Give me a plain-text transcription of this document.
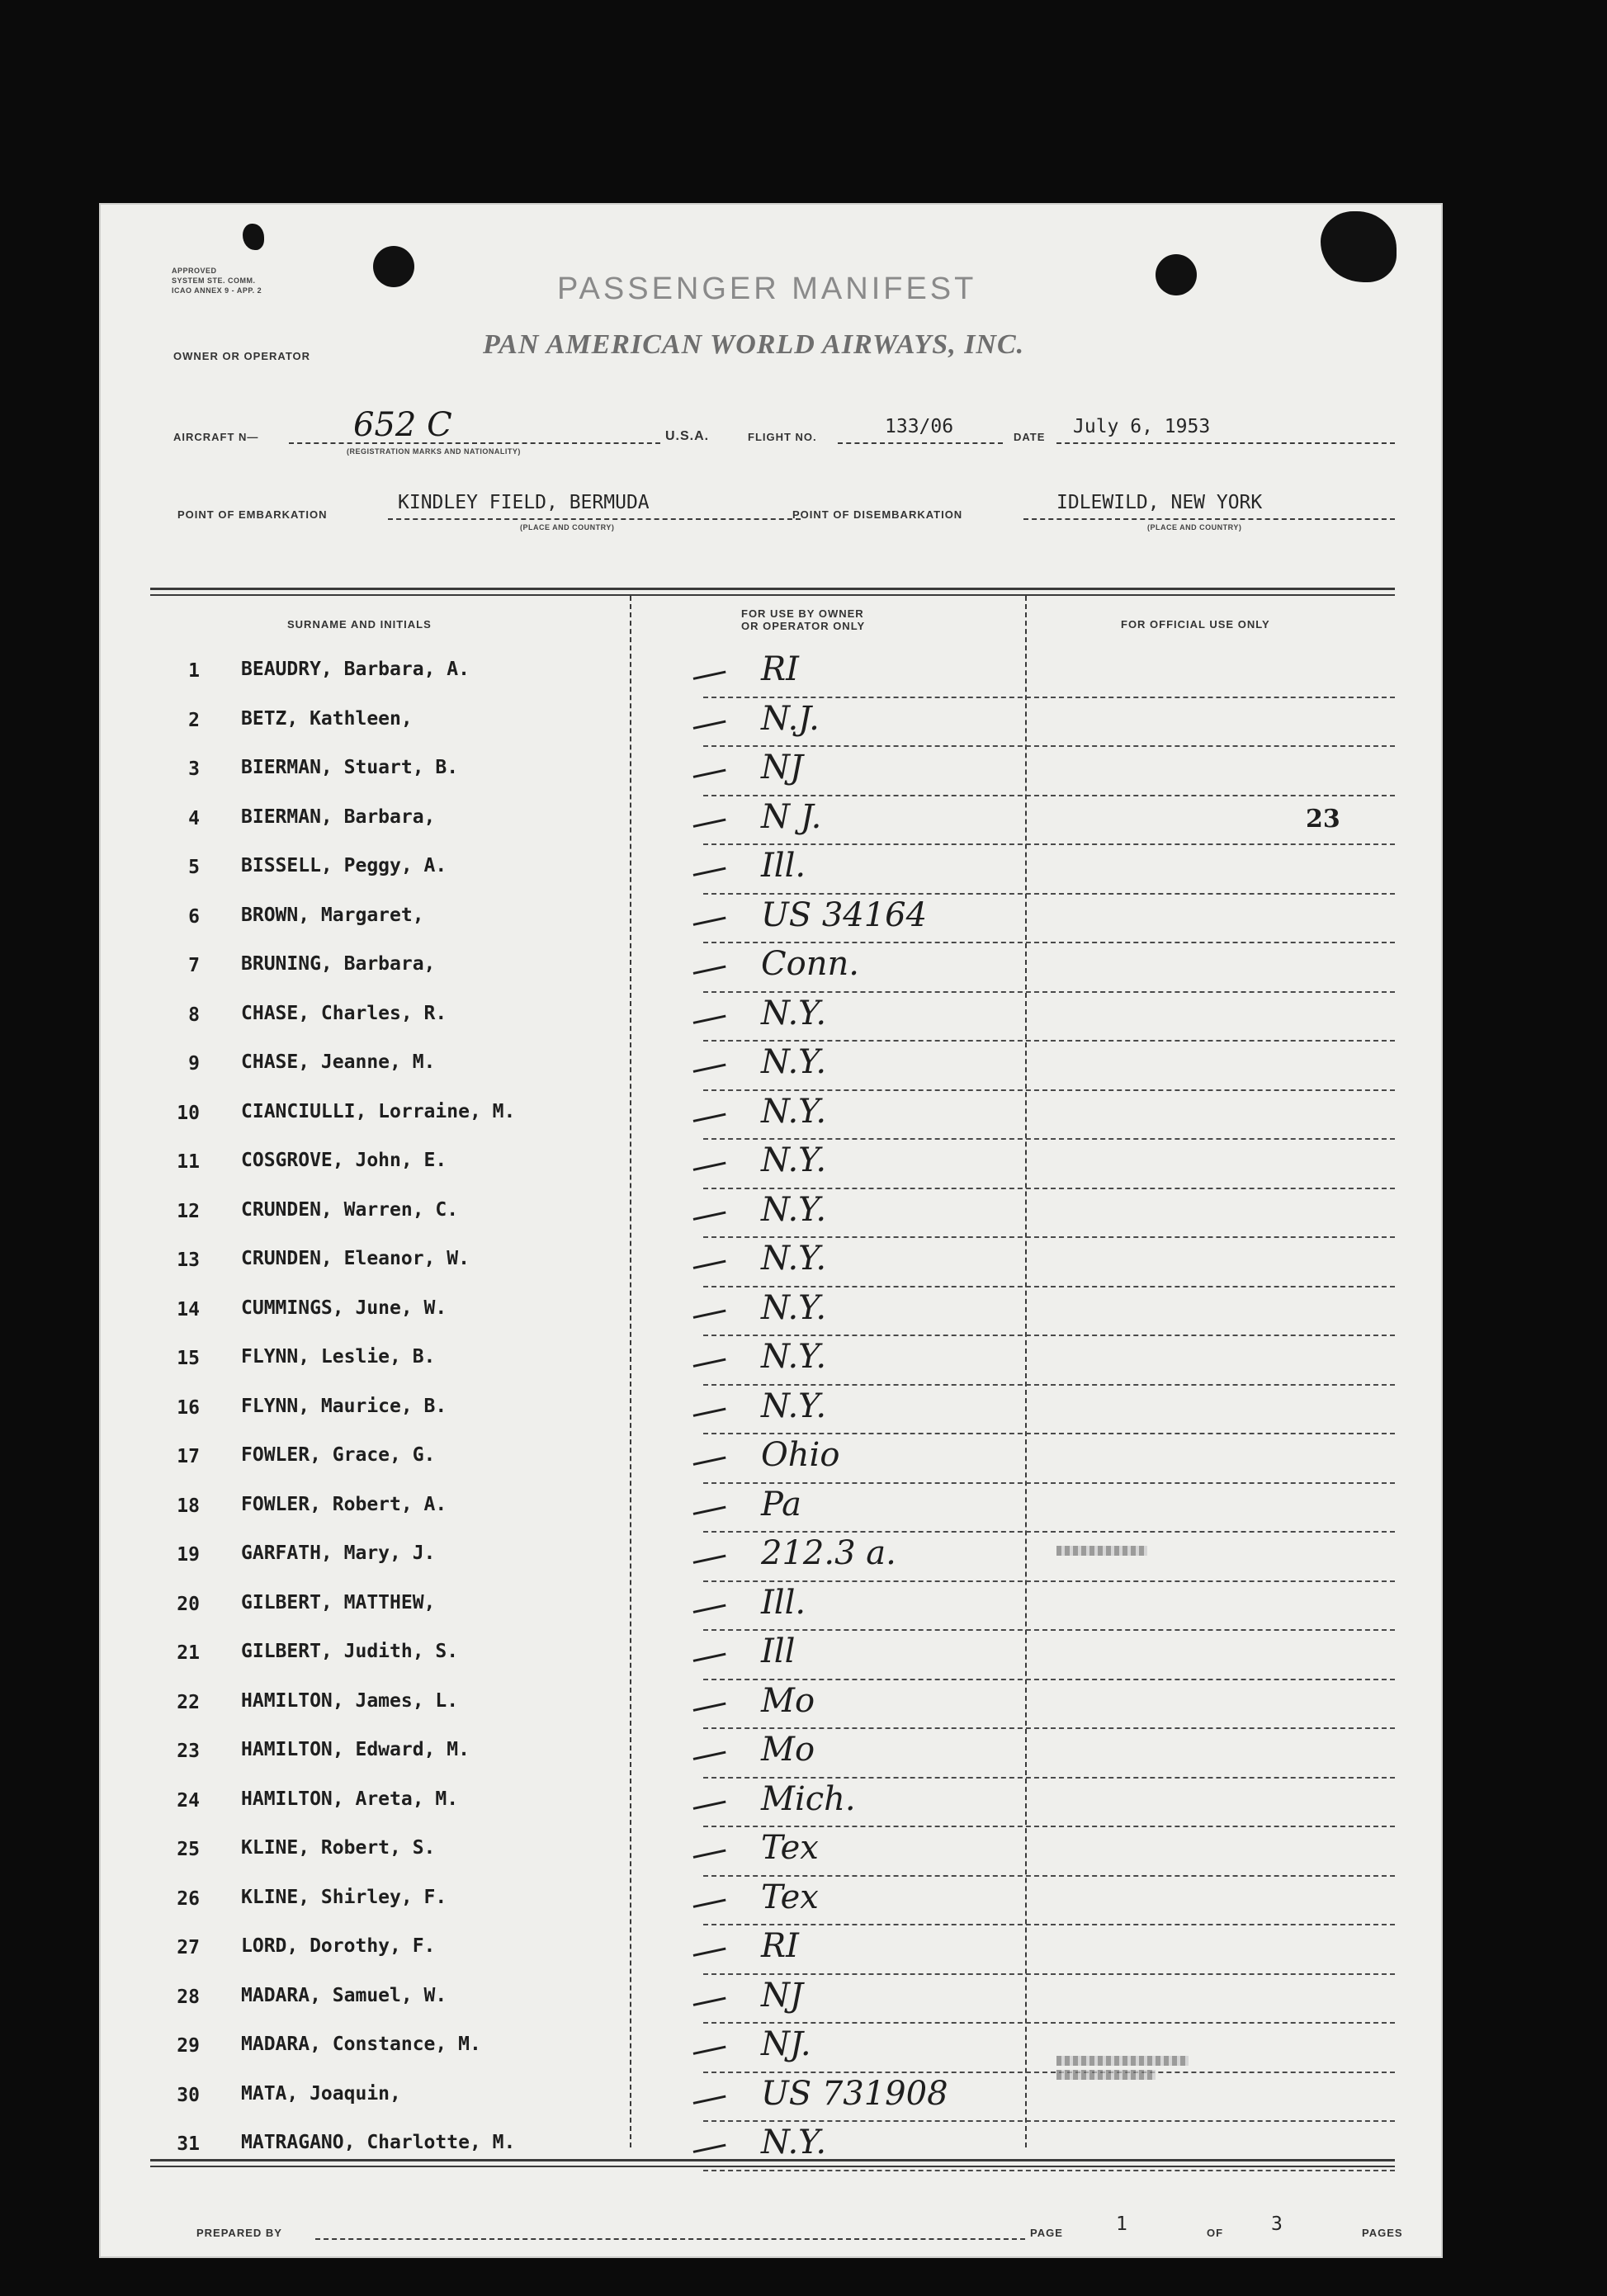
APPROVED
SYSTEM STE. COMM.
ICAO ANNEX 9 - APP. 2	PASSENGER MANIFEST
OWNER OR OPERATOR	PAN AMERICAN WORLD AIRWAYS, INC.
AIRCRAFT N—	652 C
(REGISTRATION MARKS AND NATIONALITY)
U.S.A.	FLIGHT NO.	133/06	DATE July 6, 1953
POINT OF EMBARKATION
KINDLEY FIELD, BERMUDA
(PLACE AND COUNTRY)
POINT OF DISEMBARKATION
IDLEWILD, NEW YORK
(PLACE AND COUNTRY)
SURNAME AND INITIALS
FOR USE BY OWNER
OR OPERATOR ONLY	FOR OFFICIAL USE ONLY
1 BEAUDRY, Barbara, A.	— RI
2 BETZ, Kathleen,	— N.J.
3 BIERMAN, Stuart, B.	— NJ
4 BIERMAN, Barbara,	— N J.	23
5 BISSELL, Peggy, A.	— Ill.
6 BROWN, Margaret,	— US 34164
7 BRUNING, Barbara,	— Conn.
8 CHASE, Charles, R.	— N.Y.
9 CHASE, Jeanne, M.	— N.Y.
10 CIANCIULLI, Lorraine, M.	— N.Y.
11 COSGROVE, John, E.	— N.Y.
12 CRUNDEN, Warren, C.	— N.Y.
13 CRUNDEN, Eleanor, W.	— N.Y.
14 CUMMINGS, June, W.	— N.Y.
15 FLYNN, Leslie, B.	— N.Y.
16 FLYNN, Maurice, B.	— N.Y.
17 FOWLER, Grace, G.	— Ohio
18 FOWLER, Robert, A.	— Pa
19 GARFATH, Mary, J.	— 212.3 a.
20 GILBERT, MATTHEW,	— Ill.
21 GILBERT, Judith, S.	— Ill
22 HAMILTON, James, L.	— Mo
23 HAMILTON, Edward, M.	— Mo
24 HAMILTON, Areta, M.	— Mich.
25 KLINE, Robert, S.	— Tex
26 KLINE, Shirley, F.	— Tex
27 LORD, Dorothy, F.	— RI
28 MADARA, Samuel, W.	— NJ
29 MADARA, Constance, M.	— NJ.
30 MATA, Joaquin,	— US 731908
31 MATRAGANO, Charlotte, M.	— N.Y.
PREPARED BY	PAGE	1	OF	3	PAGES
